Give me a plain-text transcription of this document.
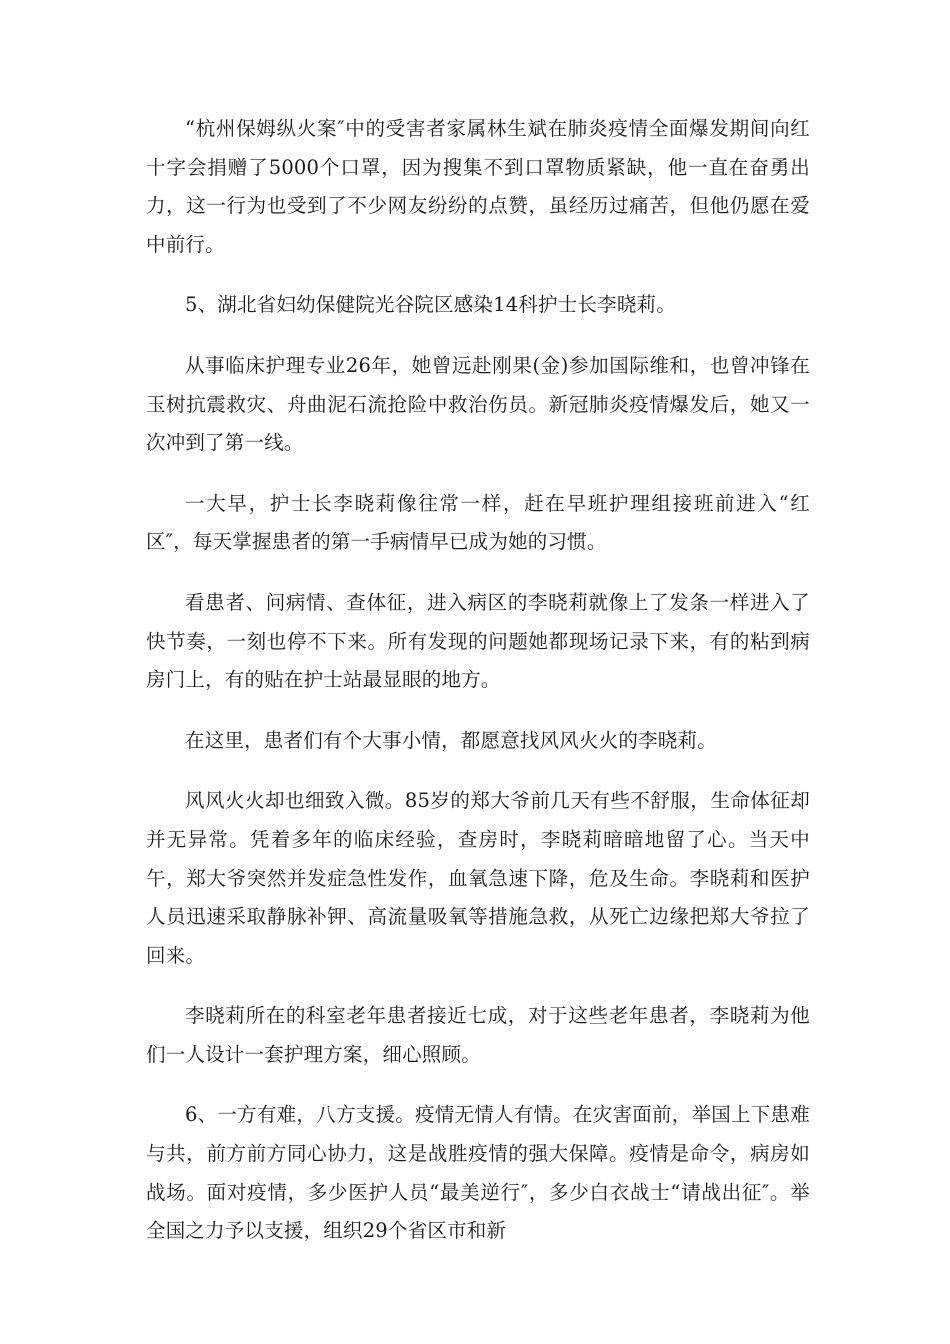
“杭州保姆纵火案″中的受害者家属林生斌在肺炎疫情全面爆发期间向红十字会捐赠了5000个口罩，因为搜集不到口罩物质紧缺，他一直在奋勇出力，这一行为也受到了不少网友纷纷的点赞，虽经历过痛苦，但他仍愿在爱中前行。

5、湖北省妇幼保健院光谷院区感染14科护士长李晓莉。

从事临床护理专业26年，她曾远赴刚果(金)参加国际维和，也曾冲锋在玉树抗震救灾、舟曲泥石流抢险中救治伤员。新冠肺炎疫情爆发后，她又一次冲到了第一线。

一大早，护士长李晓莉像往常一样，赶在早班护理组接班前进入“红区″，每天掌握患者的第一手病情早已成为她的习惯。

看患者、问病情、查体征，进入病区的李晓莉就像上了发条一样进入了快节奏，一刻也停不下来。所有发现的问题她都现场记录下来，有的粘到病房门上，有的贴在护士站最显眼的地方。

在这里，患者们有个大事小情，都愿意找风风火火的李晓莉。

风风火火却也细致入微。85岁的郑大爷前几天有些不舒服，生命体征却并无异常。凭着多年的临床经验，查房时，李晓莉暗暗地留了心。当天中午，郑大爷突然并发症急性发作，血氧急速下降，危及生命。李晓莉和医护人员迅速采取静脉补钾、高流量吸氧等措施急救，从死亡边缘把郑大爷拉了回来。

李晓莉所在的科室老年患者接近七成，对于这些老年患者，李晓莉为他们一人设计一套护理方案，细心照顾。

6、一方有难，八方支援。疫情无情人有情。在灾害面前，举国上下患难与共，前方前方同心协力，这是战胜疫情的强大保障。疫情是命令，病房如战场。面对疫情，多少医护人员“最美逆行″，多少白衣战士“请战出征″。举全国之力予以支援，组织29个省区市和新
